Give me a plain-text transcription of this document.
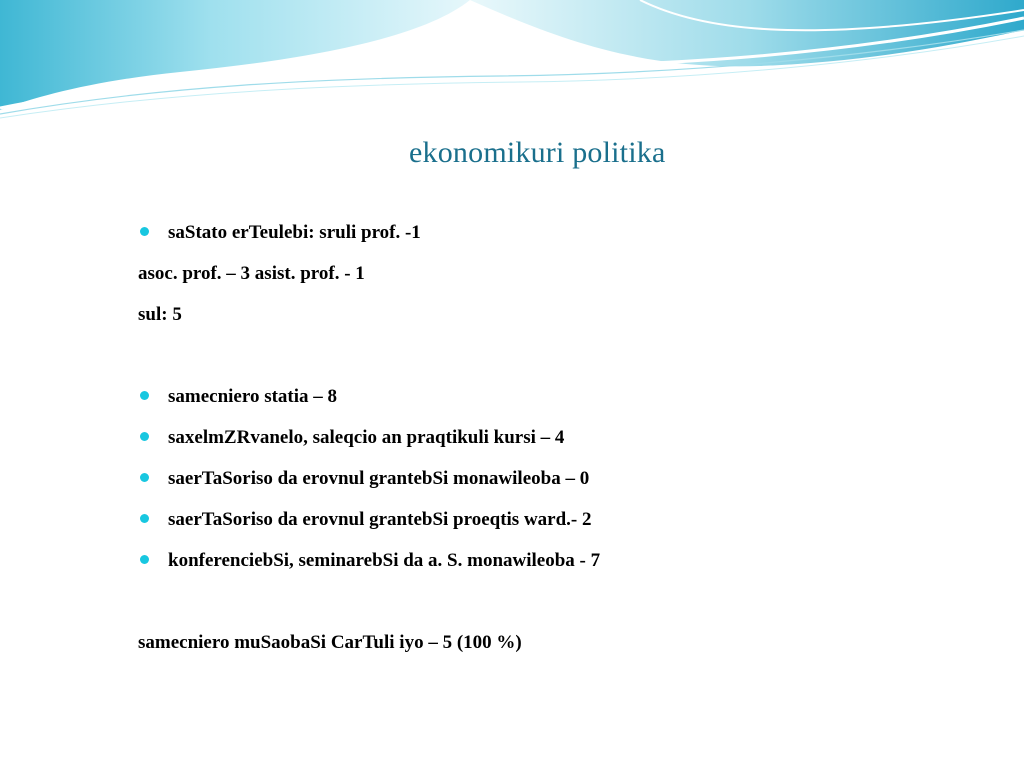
ekonomikuri politika
saStato erTeulebi: sruli prof. -1
asoc. prof. – 3 asist. prof. - 1
sul: 5
samecniero statia – 8
saxelmZRvanelo, saleqcio an praqtikuli kursi – 4
saerTaSoriso da erovnul grantebSi monawileoba – 0
saerTaSoriso da erovnul grantebSi proeqtis ward.- 2
konferenciebSi, seminarebSi da a. S. monawileoba - 7
samecniero muSaobaSi CarTuli iyo – 5 (100 %)
